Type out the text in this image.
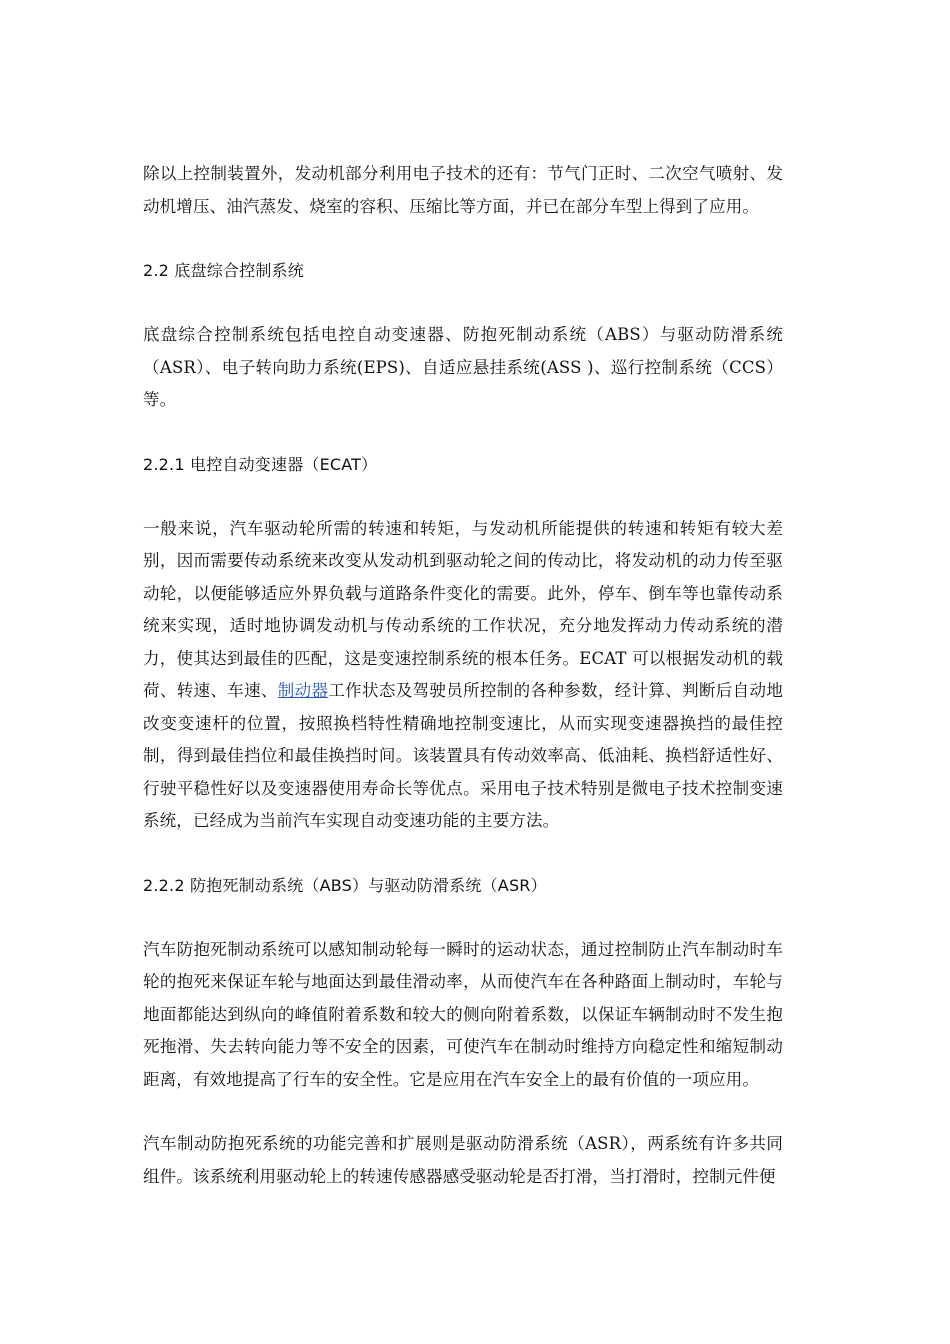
除以上控制装置外，发动机部分利用电子技术的还有：节气门正时、二次空气喷射、发动机增压、油汽蒸发、烧室的容积、压缩比等方面，并已在部分车型上得到了应用。

2.2 底盘综合控制系统

底盘综合控制系统包括电控自动变速器、防抱死制动系统（ABS）与驱动防滑系统（ASR）、电子转向助力系统(EPS)、自适应悬挂系统(ASS )、巡行控制系统（CCS）等。

2.2.1 电控自动变速器（ECAT）

一般来说，汽车驱动轮所需的转速和转矩，与发动机所能提供的转速和转矩有较大差别，因而需要传动系统来改变从发动机到驱动轮之间的传动比，将发动机的动力传至驱动轮，以便能够适应外界负载与道路条件变化的需要。此外，停车、倒车等也靠传动系统来实现，适时地协调发动机与传动系统的工作状况，充分地发挥动力传动系统的潜力，使其达到最佳的匹配，这是变速控制系统的根本任务。ECAT 可以根据发动机的载荷、转速、车速、制动器工作状态及驾驶员所控制的各种参数，经计算、判断后自动地改变变速杆的位置，按照换档特性精确地控制变速比，从而实现变速器换挡的最佳控制，得到最佳挡位和最佳换挡时间。该装置具有传动效率高、低油耗、换档舒适性好、行驶平稳性好以及变速器使用寿命长等优点。采用电子技术特别是微电子技术控制变速系统，已经成为当前汽车实现自动变速功能的主要方法。

2.2.2 防抱死制动系统（ABS）与驱动防滑系统（ASR）

汽车防抱死制动系统可以感知制动轮每一瞬时的运动状态，通过控制防止汽车制动时车轮的抱死来保证车轮与地面达到最佳滑动率，从而使汽车在各种路面上制动时，车轮与地面都能达到纵向的峰值附着系数和较大的侧向附着系数，以保证车辆制动时不发生抱死拖滑、失去转向能力等不安全的因素，可使汽车在制动时维持方向稳定性和缩短制动距离，有效地提高了行车的安全性。它是应用在汽车安全上的最有价值的一项应用。

汽车制动防抱死系统的功能完善和扩展则是驱动防滑系统（ASR），两系统有许多共同组件。该系统利用驱动轮上的转速传感器感受驱动轮是否打滑，当打滑时，控制元件便
